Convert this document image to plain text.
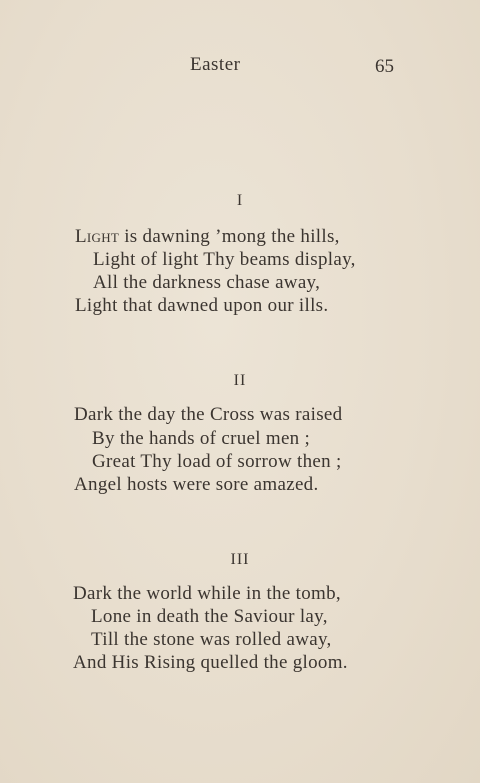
Easter	65
I
Light is dawning ’mong the hills,
Light of light Thy beams display,
All the darkness chase away,
Light that dawned upon our ills.
II
Dark the day the Cross was raised
By the hands of cruel men ;
Great Thy load of sorrow then ;
Angel hosts were sore amazed.
III
Dark the world while in the tomb,
Lone in death the Saviour lay,
Till the stone was rolled away,
And His Rising quelled the gloom.
